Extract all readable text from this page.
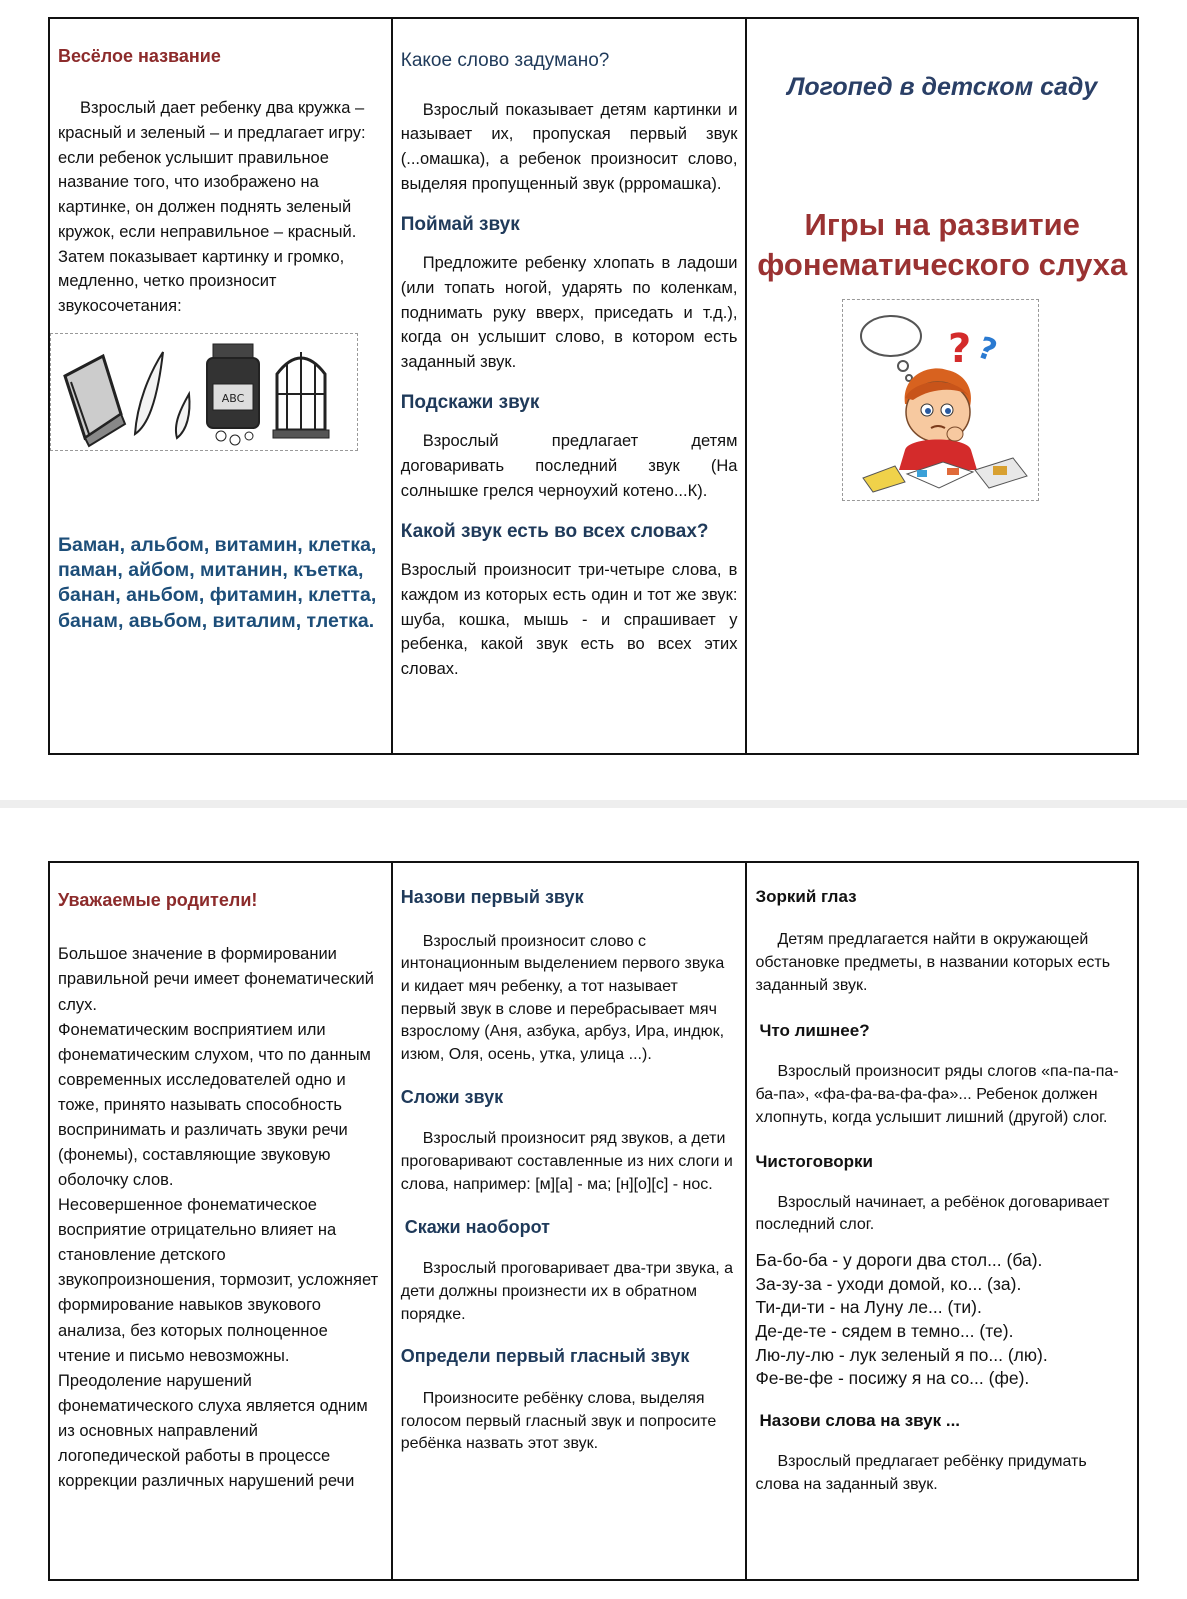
Весёлое название

Взрослый дает ребенку два кружка – красный и зеленый – и предлагает игру: если ребенок услышит правильное название того, что изображено на картинке, он должен поднять зеленый кружок, если неправильное – красный. Затем показывает картинку и громко, медленно, четко произносит звукосочетания:

ABC
Баман, альбом, витамин, клетка,
паман, айбом, митанин, къетка,
банан, аньбом, фитамин, клетта,
банам, авьбом, виталим, тлетка.
Какое слово задумано?

Взрослый показывает детям картинки и называет их, пропуская первый звук (...омашка), а ребенок произносит слово, выделяя пропущенный звук (ррромашка).

Поймай звук

Предложите ребенку хлопать в ладоши (или топать ногой, ударять по коленкам, поднимать руку вверх, приседать и т.д.), когда он услышит слово, в котором есть заданный звук.

Подскажи звук

Взрослый предлагает детям договаривать последний звук (На солнышке грелся черноухий котено...К).

Какой звук есть во всех словах?

Взрослый произносит три-четыре слова, в каждом из которых есть один и тот же звук: шуба, кошка, мышь - и спрашивает у ребенка, какой звук есть во всех этих словах.

Логопед в детском саду
Игры на развитие фонематического слуха
? ?
Уважаемые родители!

Большое значение в формировании правильной речи имеет фонематический слух.

Фонематическим восприятием или фонематическим слухом, что по данным современных исследователей одно и тоже, принято называть способность воспринимать и различать звуки речи (фонемы), составляющие звуковую оболочку слов.

Несовершенное фонематическое восприятие отрицательно влияет на становление детского звукопроизношения, тормозит, усложняет формирование навыков звукового анализа, без которых полноценное чтение и письмо невозможны.

Преодоление нарушений фонематического слуха является одним из основных направлений логопедической работы в процессе коррекции различных нарушений речи

Назови первый звук

Взрослый произносит слово с интонационным выделением первого звука и кидает мяч ребенку, а тот называет первый звук в слове и перебрасывает мяч взрослому (Аня, азбука, арбуз, Ира, индюк, изюм, Оля, осень, утка, улица ...).

Сложи звук

Взрослый произносит ряд звуков, а дети проговаривают составленные из них слоги и слова, например: [м][а] - ма; [н][о][с] - нос.

Скажи наоборот

Взрослый проговаривает два-три звука, а дети должны произнести их в обратном порядке.

Определи первый гласный звук

Произносите ребёнку слова, выделяя голосом первый гласный звук и попросите ребёнка назвать этот звук.

Зоркий глаз

Детям предлагается найти в окружающей обстановке предметы, в названии которых есть заданный звук.

Что лишнее?

Взрослый произносит ряды слогов «па-па-па-ба-па», «фа-фа-ва-фа-фа»... Ребенок должен хлопнуть, когда услышит лишний (другой) слог.

Чистоговорки

Взрослый начинает, а ребёнок договаривает последний слог.

Ба-бо-ба - у дороги два стол... (ба).
За-зу-за - уходи домой, ко... (за).
Ти-ди-ти - на Луну ле... (ти).
Де-де-те - сядем в темно... (те).
Лю-лу-лю - лук зеленый я по... (лю).
Фе-ве-фе - посижу я на со... (фе).
Назови слова на звук ...

Взрослый предлагает ребёнку придумать слова на заданный звук.
